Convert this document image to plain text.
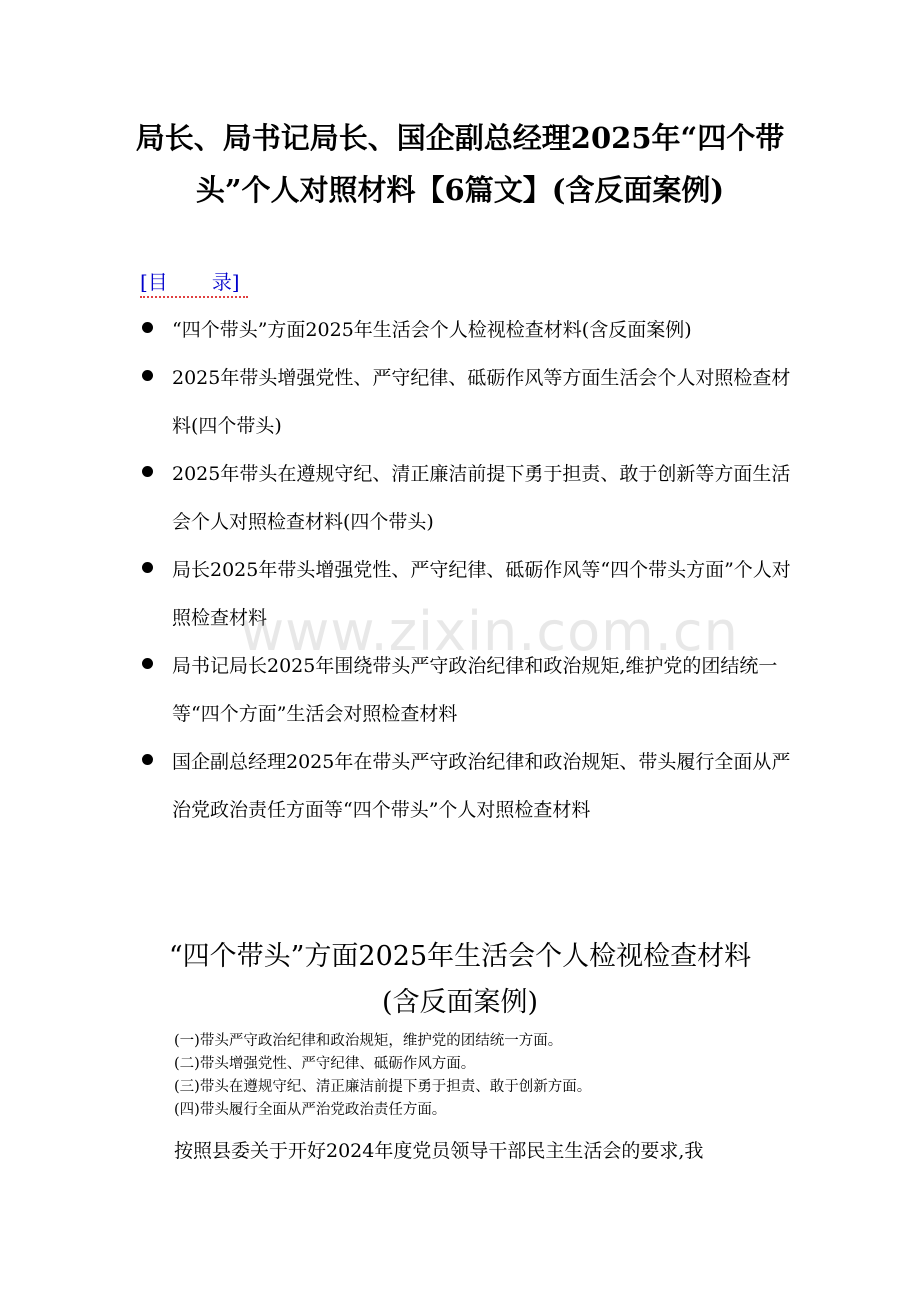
局长、局书记局长、国企副总经理2025年“四个带
头”个人对照材料【6篇文】(含反面案例)
[目 录]
“四个带头”方面2025年生活会个人检视检查材料(含反面案例)
2025年带头增强党性、严守纪律、砥砺作风等方面生活会个人对照检查材料(四个带头)
2025年带头在遵规守纪、清正廉洁前提下勇于担责、敢于创新等方面生活会个人对照检查材料(四个带头)
局长2025年带头增强党性、严守纪律、砥砺作风等“四个带头方面”个人对照检查材料
局书记局长2025年围绕带头严守政治纪律和政治规矩,维护党的团结统一等“四个方面”生活会对照检查材料
国企副总经理2025年在带头严守政治纪律和政治规矩、带头履行全面从严治党政治责任方面等“四个带头”个人对照检查材料
www.zixin.com.cn
“四个带头”方面2025年生活会个人检视检查材料
(含反面案例)
(一)带头严守政治纪律和政治规矩，维护党的团结统一方面。
(二)带头增强党性、严守纪律、砥砺作风方面。
(三)带头在遵规守纪、清正廉洁前提下勇于担责、敢于创新方面。
(四)带头履行全面从严治党政治责任方面。
按照县委关于开好2024年度党员领导干部民主生活会的要求,我
